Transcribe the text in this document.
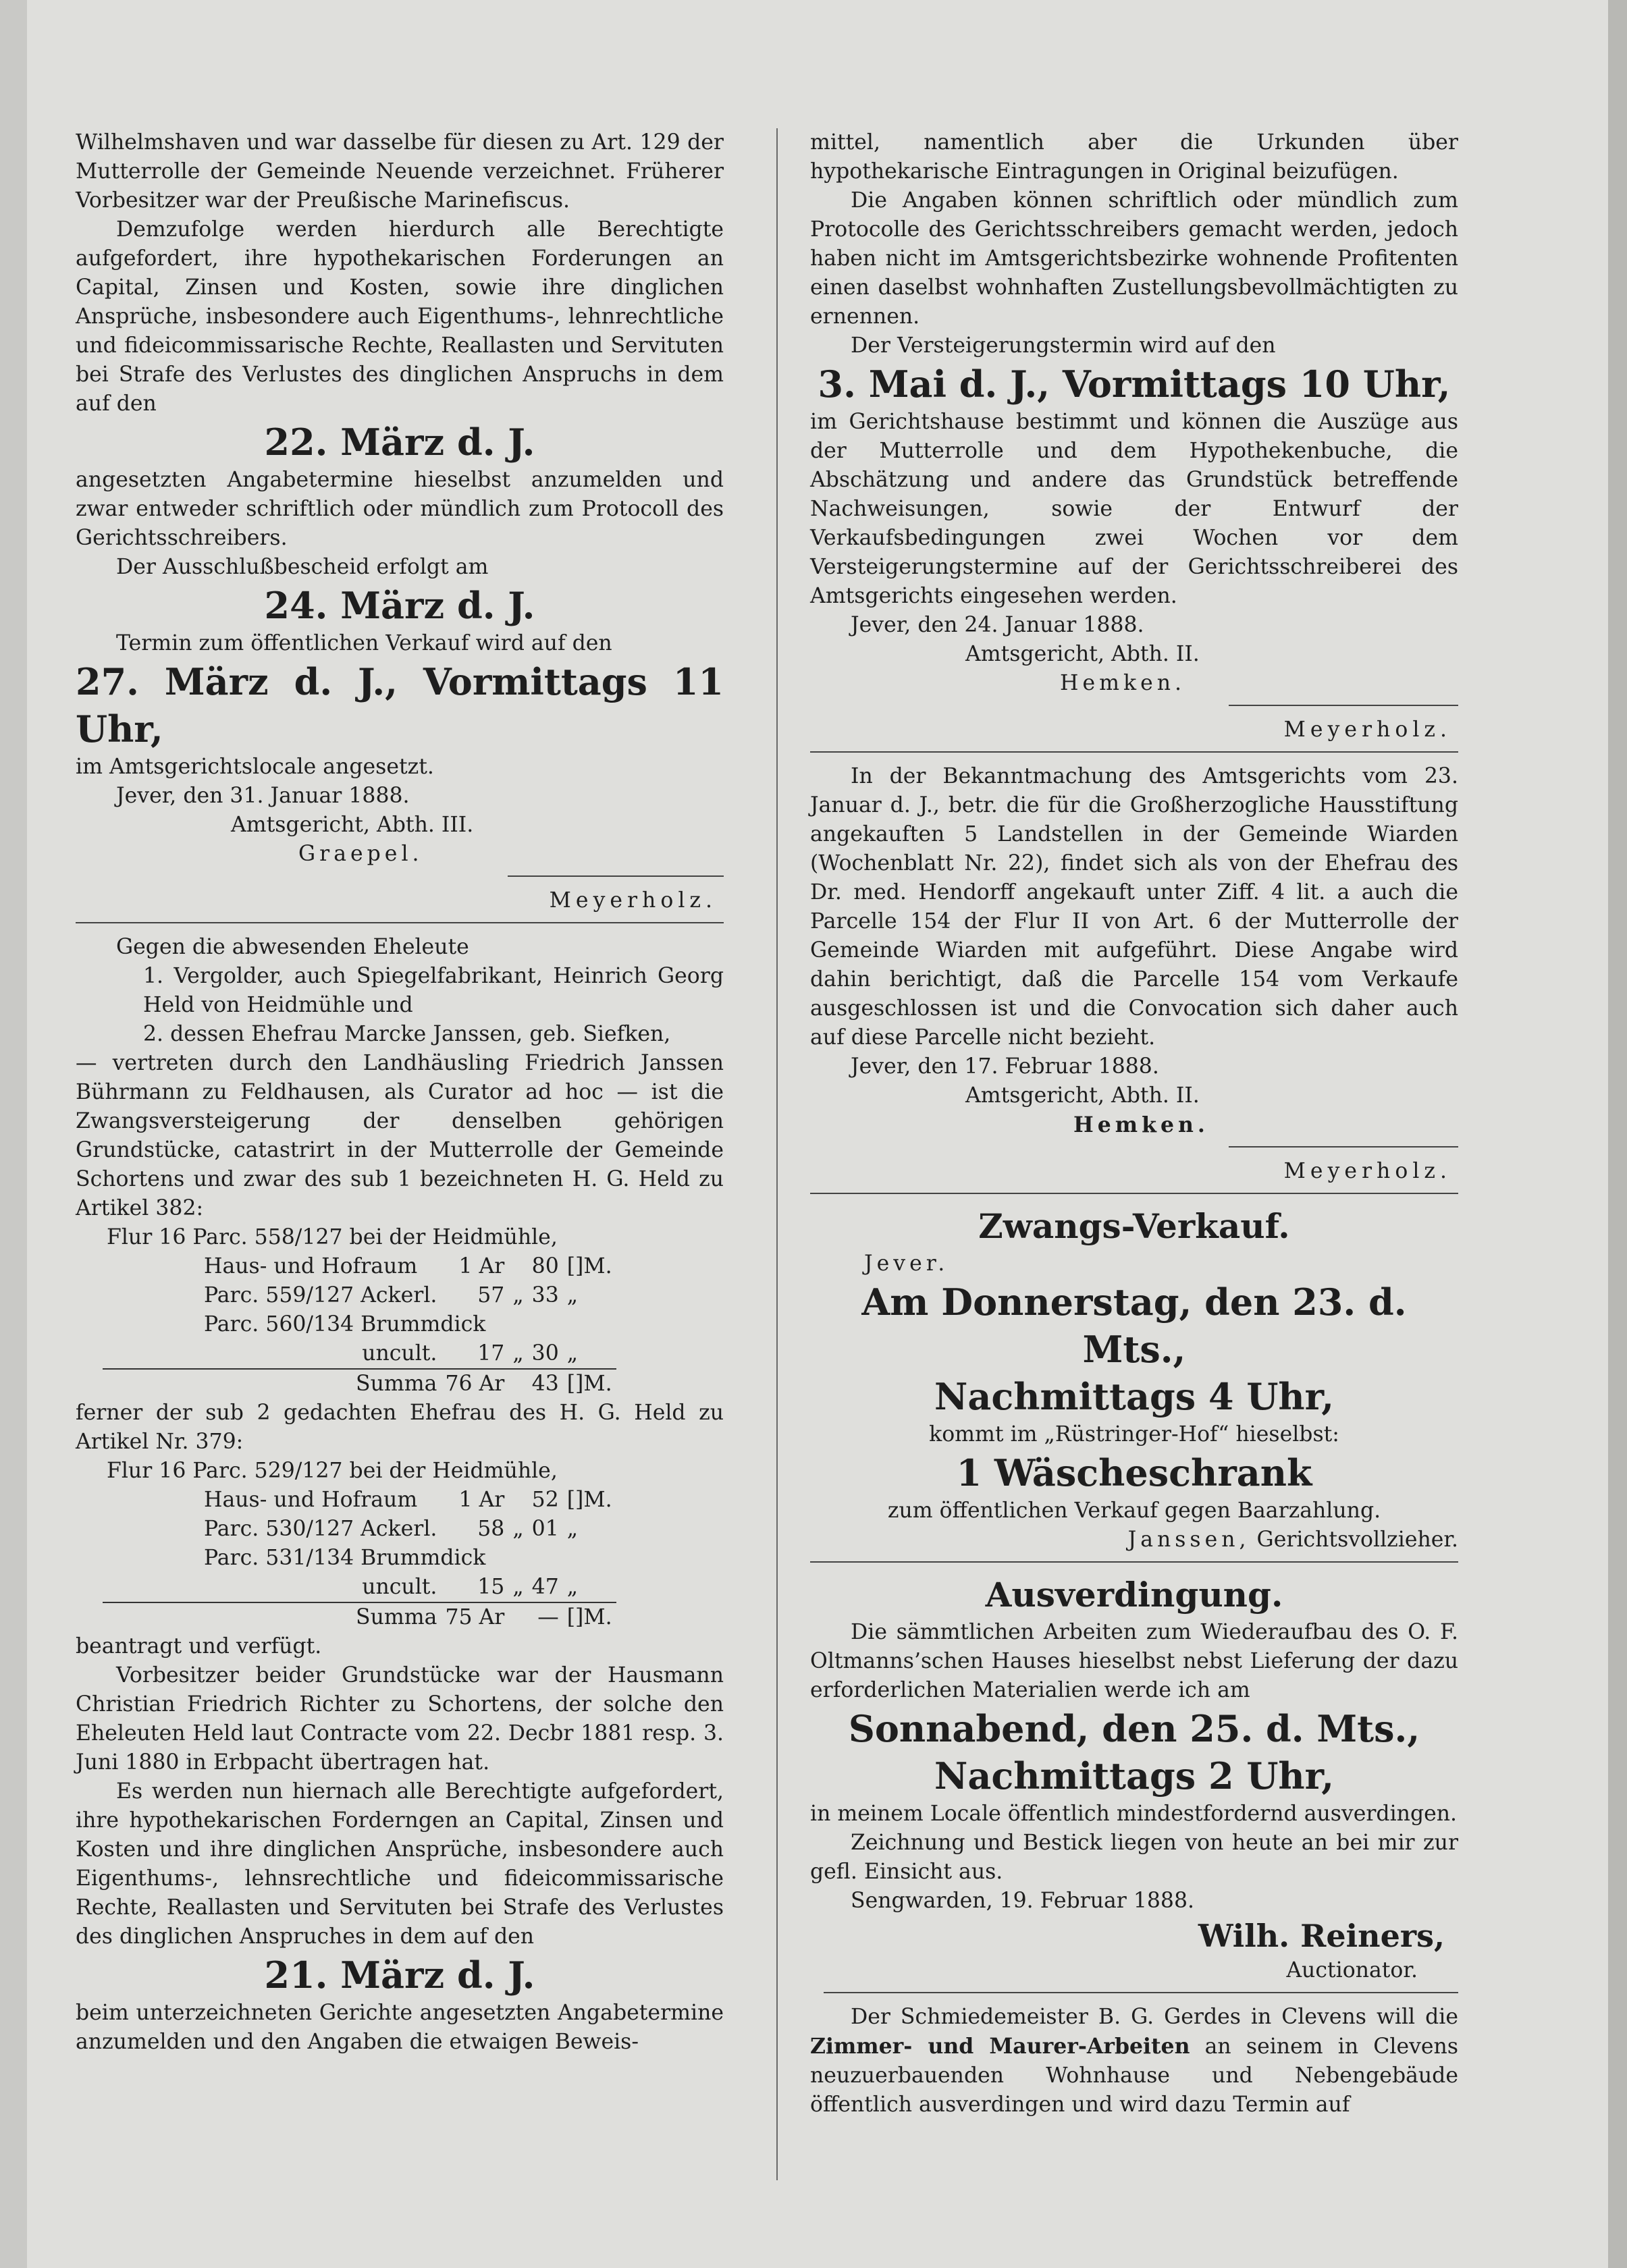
Wilhelmshaven und war dasselbe für diesen zu Art. 129 der Mutterrolle der Gemeinde Neuende verzeichnet. Früherer Vorbesitzer war der Preußische Marinefiscus.

Demzufolge werden hierdurch alle Berechtigte aufgefordert, ihre hypothekarischen Forderungen an Capital, Zinsen und Kosten, sowie ihre dinglichen Ansprüche, insbesondere auch Eigenthums-, lehnrechtliche und fideicommissarische Rechte, Reallasten und Servituten bei Strafe des Verlustes des dinglichen Anspruchs in dem auf den

22. März d. J.

angesetzten Angabetermine hieselbst anzumelden und zwar entweder schriftlich oder mündlich zum Protocoll des Gerichtsschreibers.

Der Ausschlußbescheid erfolgt am

24. März d. J.

Termin zum öffentlichen Verkauf wird auf den

27. März d. J., Vormittags 11 Uhr,

im Amtsgerichtslocale angesetzt.

Jever, den 31. Januar 1888.

Amtsgericht, Abth. III.

Graepel.

Meyerholz.

Gegen die abwesenden Eheleute

1. Vergolder, auch Spiegelfabrikant, Heinrich Georg Held von Heidmühle und

2. dessen Ehefrau Marcke Janssen, geb. Siefken,

— vertreten durch den Landhäusling Friedrich Janssen Bührmann zu Feldhausen, als Curator ad hoc — ist die Zwangsversteigerung der denselben gehörigen Grundstücke, catastrirt in der Mutterrolle der Gemeinde Schortens und zwar des sub 1 bezeichneten H. G. Held zu Artikel 382:

Flur 16 Parc. 558/127 bei der Heidmühle,				
Haus- und Hofraum	1 Ar		80	[]M.
Parc. 559/127 Ackerl.	57	„	33	„
Parc. 560/134 Brummdick				
uncult.	17	„	30	„
Summa	76 Ar		43	[]M.

ferner der sub 2 gedachten Ehefrau des H. G. Held zu Artikel Nr. 379:

Flur 16 Parc. 529/127 bei der Heidmühle,				
Haus- und Hofraum	1 Ar		52	[]M.
Parc. 530/127 Ackerl.	58	„	01	„
Parc. 531/134 Brummdick				
uncult.	15	„	47	„
Summa	75 Ar		—	[]M.

beantragt und verfügt.

Vorbesitzer beider Grundstücke war der Hausmann Christian Friedrich Richter zu Schortens, der solche den Eheleuten Held laut Contracte vom 22. Decbr 1881 resp. 3. Juni 1880 in Erbpacht übertragen hat.

Es werden nun hiernach alle Berechtigte aufgefordert, ihre hypothekarischen Forderngen an Capital, Zinsen und Kosten und ihre dinglichen Ansprüche, insbesondere auch Eigenthums-, lehnsrechtliche und fideicommissarische Rechte, Reallasten und Servituten bei Strafe des Verlustes des dinglichen Anspruches in dem auf den

21. März d. J.

beim unterzeichneten Gerichte angesetzten Angabetermine anzumelden und den Angaben die etwaigen Beweis-

mittel, namentlich aber die Urkunden über hypothekarische Eintragungen in Original beizufügen.

Die Angaben können schriftlich oder mündlich zum Protocolle des Gerichtsschreibers gemacht werden, jedoch haben nicht im Amtsgerichtsbezirke wohnende Profitenten einen daselbst wohnhaften Zustellungsbevollmächtigten zu ernennen.

Der Versteigerungstermin wird auf den

3. Mai d. J., Vormittags 10 Uhr,

im Gerichtshause bestimmt und können die Auszüge aus der Mutterrolle und dem Hypothekenbuche, die Abschätzung und andere das Grundstück betreffende Nachweisungen, sowie der Entwurf der Verkaufsbedingungen zwei Wochen vor dem Versteigerungstermine auf der Gerichtsschreiberei des Amtsgerichts eingesehen werden.

Jever, den 24. Januar 1888.

Amtsgericht, Abth. II.

Hemken.

Meyerholz.

In der Bekanntmachung des Amtsgerichts vom 23. Januar d. J., betr. die für die Großherzogliche Hausstiftung angekauften 5 Landstellen in der Gemeinde Wiarden (Wochenblatt Nr. 22), findet sich als von der Ehefrau des Dr. med. Hendorff angekauft unter Ziff. 4 lit. a auch die Parcelle 154 der Flur II von Art. 6 der Mutterrolle der Gemeinde Wiarden mit aufgeführt. Diese Angabe wird dahin berichtigt, daß die Parcelle 154 vom Verkaufe ausgeschlossen ist und die Convocation sich daher auch auf diese Parcelle nicht bezieht.

Jever, den 17. Februar 1888.

Amtsgericht, Abth. II.

Hemken.

Meyerholz.

Zwangs-Verkauf.

Jever.

Am Donnerstag, den 23. d. Mts.,

Nachmittags 4 Uhr,

kommt im „Rüstringer-Hof“ hieselbst:

1 Wäscheschrank

zum öffentlichen Verkauf gegen Baarzahlung.

Janssen, Gerichtsvollzieher.

Ausverdingung.

Die sämmtlichen Arbeiten zum Wiederaufbau des O. F. Oltmanns’schen Hauses hieselbst nebst Lieferung der dazu erforderlichen Materialien werde ich am

Sonnabend, den 25. d. Mts.,

Nachmittags 2 Uhr,

in meinem Locale öffentlich mindestfordernd ausverdingen.

Zeichnung und Bestick liegen von heute an bei mir zur gefl. Einsicht aus.

Sengwarden, 19. Februar 1888.

Wilh. Reiners,

Auctionator.

Der Schmiedemeister B. G. Gerdes in Clevens will die Zimmer- und Maurer-Arbeiten an seinem in Clevens neuzuerbauenden Wohnhause und Nebengebäude öffentlich ausverdingen und wird dazu Termin auf
